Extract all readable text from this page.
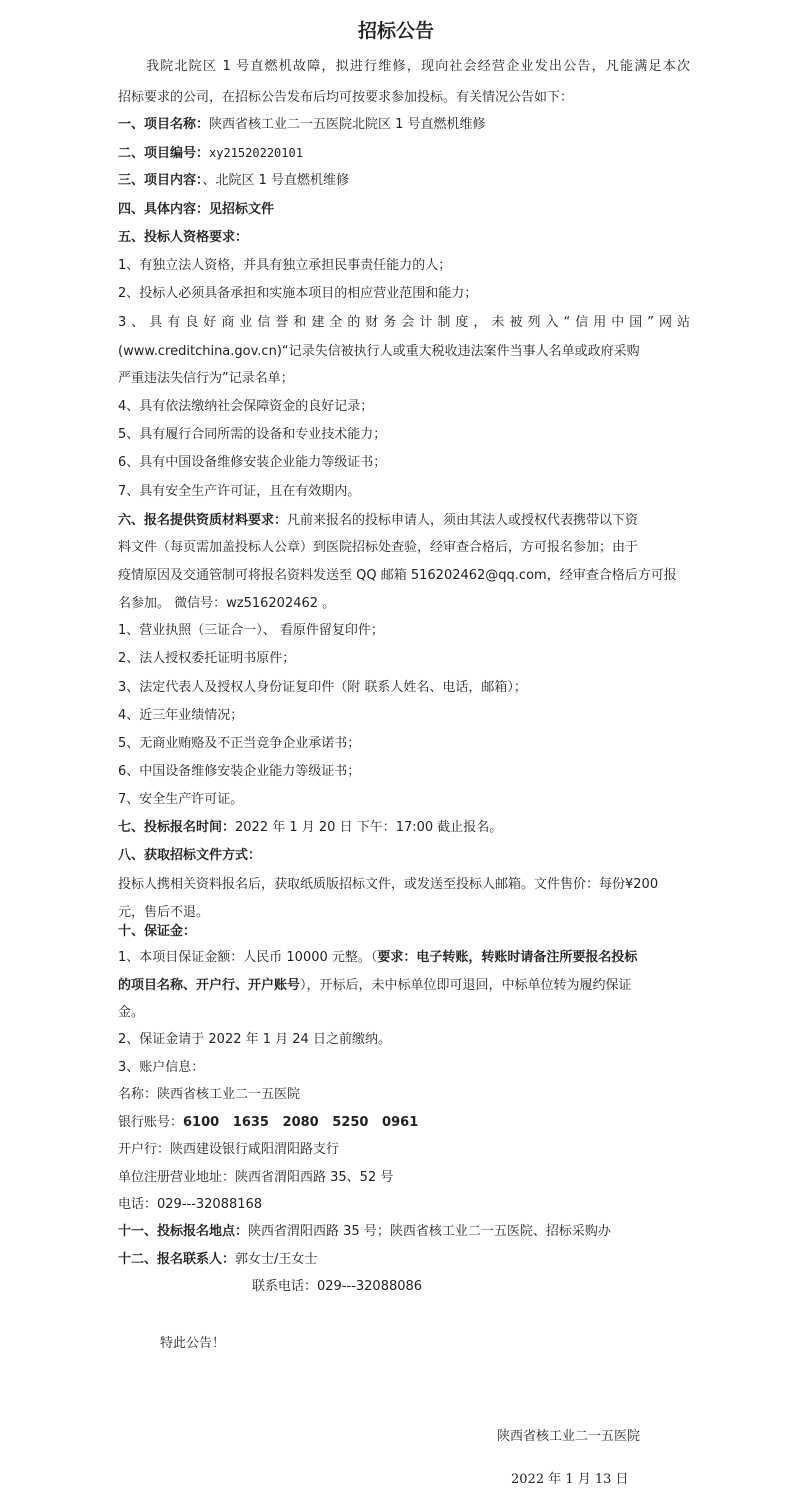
招标公告
我院北院区 1 号直燃机故障，拟进行维修，现向社会经营企业发出公告，凡能满足本次
招标要求的公司，在招标公告发布后均可按要求参加投标。有关情况公告如下：
一、项目名称：陕西省核工业二一五医院北院区 1 号直燃机维修
二、项目编号：xy21520220101
三、项目内容：、北院区 1 号直燃机维修
四、具体内容：见招标文件
五、投标人资格要求：
1、有独立法人资格，并具有独立承担民事责任能力的人；
2、投标人必须具备承担和实施本项目的相应营业范围和能力；
3、具有良好商业信誉和建全的财务会计制度，未被列入“信用中国”网站
(www.creditchina.gov.cn)“记录失信被执行人或重大税收违法案件当事人名单或政府采购
严重违法失信行为”记录名单；
4、具有依法缴纳社会保障资金的良好记录；
5、具有履行合同所需的设备和专业技术能力；
6、具有中国设备维修安装企业能力等级证书；
7、具有安全生产许可证，且在有效期内。
六、报名提供资质材料要求：凡前来报名的投标申请人，须由其法人或授权代表携带以下资
料文件（每页需加盖投标人公章）到医院招标处查验，经审查合格后，方可报名参加；由于
疫情原因及交通管制可将报名资料发送至 QQ 邮箱 516202462@qq.com，经审查合格后方可报
名参加。 微信号：wz516202462 。
1、营业执照（三证合一）、 看原件留复印件；
2、法人授权委托证明书原件；
3、法定代表人及授权人身份证复印件（附 联系人姓名、电话，邮箱）；
4、近三年业绩情况；
5、无商业贿赂及不正当竞争企业承诺书；
6、中国设备维修安装企业能力等级证书；
7、安全生产许可证。
七、投标报名时间：2022 年 1 月 20 日 下午：17:00 截止报名。
八、获取招标文件方式：
投标人携相关资料报名后，获取纸质版招标文件，或发送至投标人邮箱。文件售价：每份¥200
元，售后不退。
十、保证金：
1、本项目保证金额：人民币 10000 元整。（要求：电子转账，转账时请备注所要报名投标
的项目名称、开户行、开户账号），开标后，未中标单位即可退回，中标单位转为履约保证
金。
2、保证金请于 2022 年 1 月 24 日之前缴纳。
3、账户信息：
名称：陕西省核工业二一五医院
银行账号：6100   1635   2080   5250   0961
开户行：陕西建设银行咸阳渭阳路支行
单位注册营业地址：陕西省渭阳西路 35、52 号
电话：029---32088168
十一、投标报名地点：陕西省渭阳西路 35 号；陕西省核工业二一五医院、招标采购办
十二、报名联系人：郭女士/王女士
联系电话：029---32088086
特此公告！
陕西省核工业二一五医院
2022 年 1 月 13 日
